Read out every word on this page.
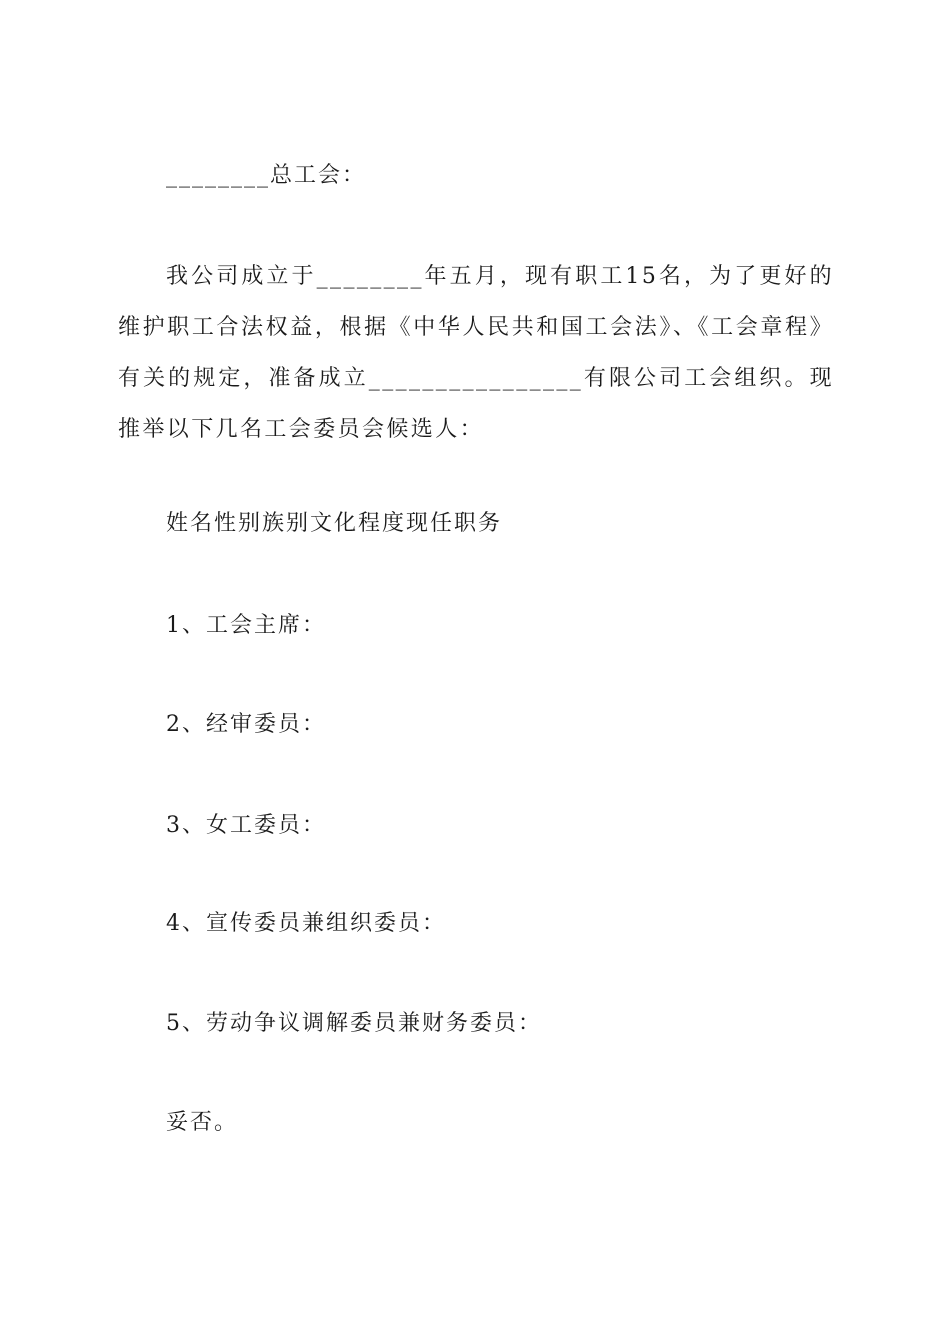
________总工会：
我公司成立于________年五月，现有职工15名，为了更好的维护职工合法权益，根据《中华人民共和国工会法》、《工会章程》有关的规定，准备成立________________有限公司工会组织。现推举以下几名工会委员会候选人：
姓名性别族别文化程度现任职务
1、工会主席：
2、经审委员：
3、女工委员：
4、宣传委员兼组织委员：
5、劳动争议调解委员兼财务委员：
妥否。
